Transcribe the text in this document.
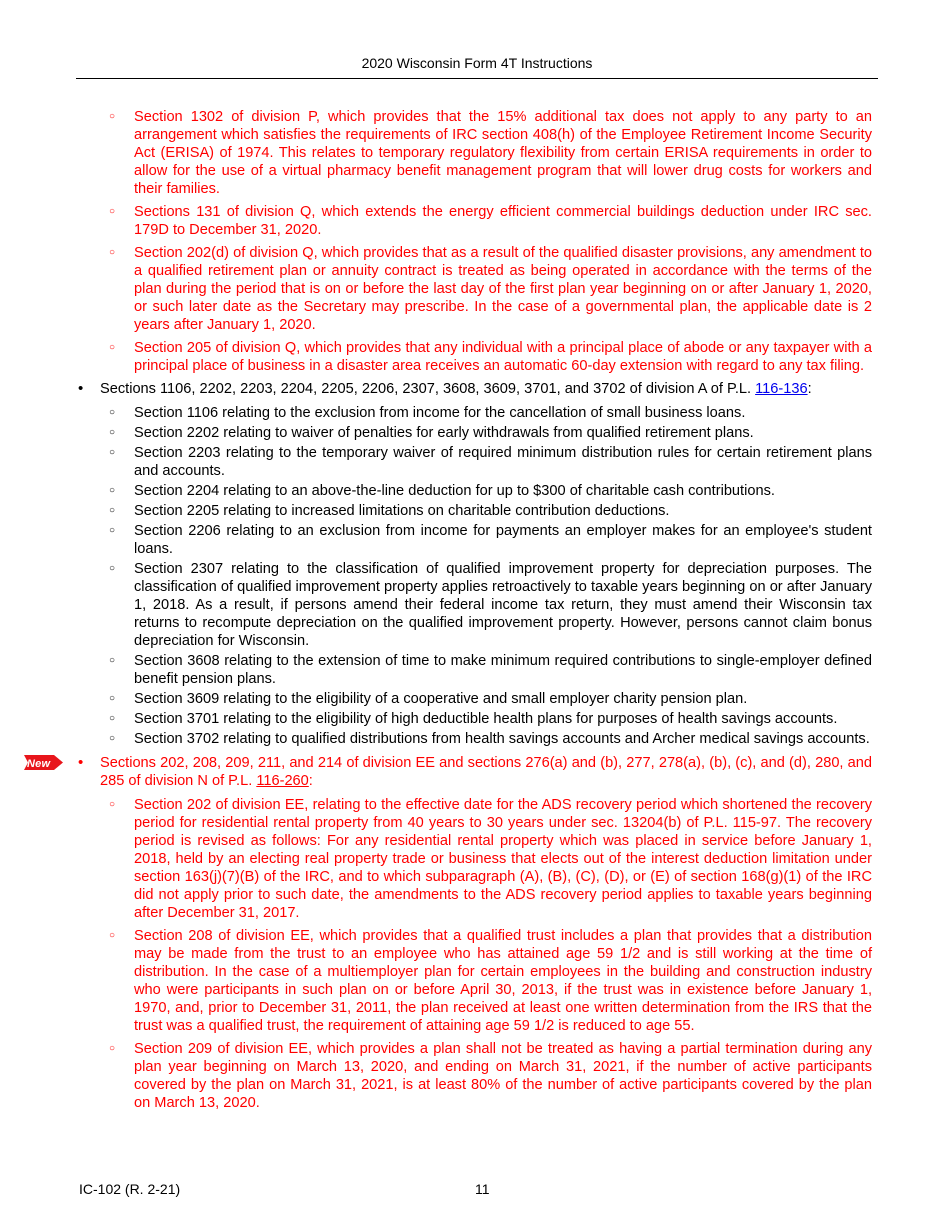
2020 Wisconsin Form 4T Instructions

○ Section 1302 of division P, which provides that the 15% additional tax does not apply to any party to an arrangement which satisfies the requirements of IRC section 408(h) of the Employee Retirement Income Security Act (ERISA) of 1974. This relates to temporary regulatory flexibility from certain ERISA requirements in order to allow for the use of a virtual pharmacy benefit management program that will lower drug costs for workers and their families.

○ Sections 131 of division Q, which extends the energy efficient commercial buildings deduction under IRC sec. 179D to December 31, 2020.

○ Section 202(d) of division Q, which provides that as a result of the qualified disaster provisions, any amendment to a qualified retirement plan or annuity contract is treated as being operated in accordance with the terms of the plan during the period that is on or before the last day of the first plan year beginning on or after January 1, 2020, or such later date as the Secretary may prescribe. In the case of a governmental plan, the applicable date is 2 years after January 1, 2020.

○ Section 205 of division Q, which provides that any individual with a principal place of abode or any taxpayer with a principal place of business in a disaster area receives an automatic 60-day extension with regard to any tax filing.

• Sections 1106, 2202, 2203, 2204, 2205, 2206, 2307, 3608, 3609, 3701, and 3702 of division A of P.L. 116-136:

○ Section 1106 relating to the exclusion from income for the cancellation of small business loans.

○ Section 2202 relating to waiver of penalties for early withdrawals from qualified retirement plans.

○ Section 2203 relating to the temporary waiver of required minimum distribution rules for certain retirement plans and accounts.

○ Section 2204 relating to an above-the-line deduction for up to $300 of charitable cash contributions.

○ Section 2205 relating to increased limitations on charitable contribution deductions.

○ Section 2206 relating to an exclusion from income for payments an employer makes for an employee's student loans.

○ Section 2307 relating to the classification of qualified improvement property for depreciation purposes. The classification of qualified improvement property applies retroactively to taxable years beginning on or after January 1, 2018. As a result, if persons amend their federal income tax return, they must amend their Wisconsin tax returns to recompute depreciation on the qualified improvement property. However, persons cannot claim bonus depreciation for Wisconsin.

○ Section 3608 relating to the extension of time to make minimum required contributions to single-employer defined benefit pension plans.

○ Section 3609 relating to the eligibility of a cooperative and small employer charity pension plan.

○ Section 3701 relating to the eligibility of high deductible health plans for purposes of health savings accounts.

○ Section 3702 relating to qualified distributions from health savings accounts and Archer medical savings accounts.

• New	Sections 202, 208, 209, 211, and 214 of division EE and sections 276(a) and (b), 277, 278(a), (b), (c), and (d), 280, and 285 of division N of P.L. 116-260:

○ Section 202 of division EE, relating to the effective date for the ADS recovery period which shortened the recovery period for residential rental property from 40 years to 30 years under sec. 13204(b) of P.L. 115-97. The recovery period is revised as follows: For any residential rental property which was placed in service before January 1, 2018, held by an electing real property trade or business that elects out of the interest deduction limitation under section 163(j)(7)(B) of the IRC, and to which subparagraph (A), (B), (C), (D), or (E) of section 168(g)(1) of the IRC did not apply prior to such date, the amendments to the ADS recovery period applies to taxable years beginning after December 31, 2017.

○ Section 208 of division EE, which provides that a qualified trust includes a plan that provides that a distribution may be made from the trust to an employee who has attained age 59 1/2 and is still working at the time of distribution. In the case of a multiemployer plan for certain employees in the building and construction industry who were participants in such plan on or before April 30, 2013, if the trust was in existence before January 1, 1970, and, prior to December 31, 2011, the plan received at least one written determination from the IRS that the trust was a qualified trust, the requirement of attaining age 59 1/2 is reduced to age 55.

○ Section 209 of division EE, which provides a plan shall not be treated as having a partial termination during any plan year beginning on March 13, 2020, and ending on March 31, 2021, if the number of active participants covered by the plan on March 31, 2021, is at least 80% of the number of active participants covered by the plan on March 13, 2020.

IC-102 (R. 2-21)	11
